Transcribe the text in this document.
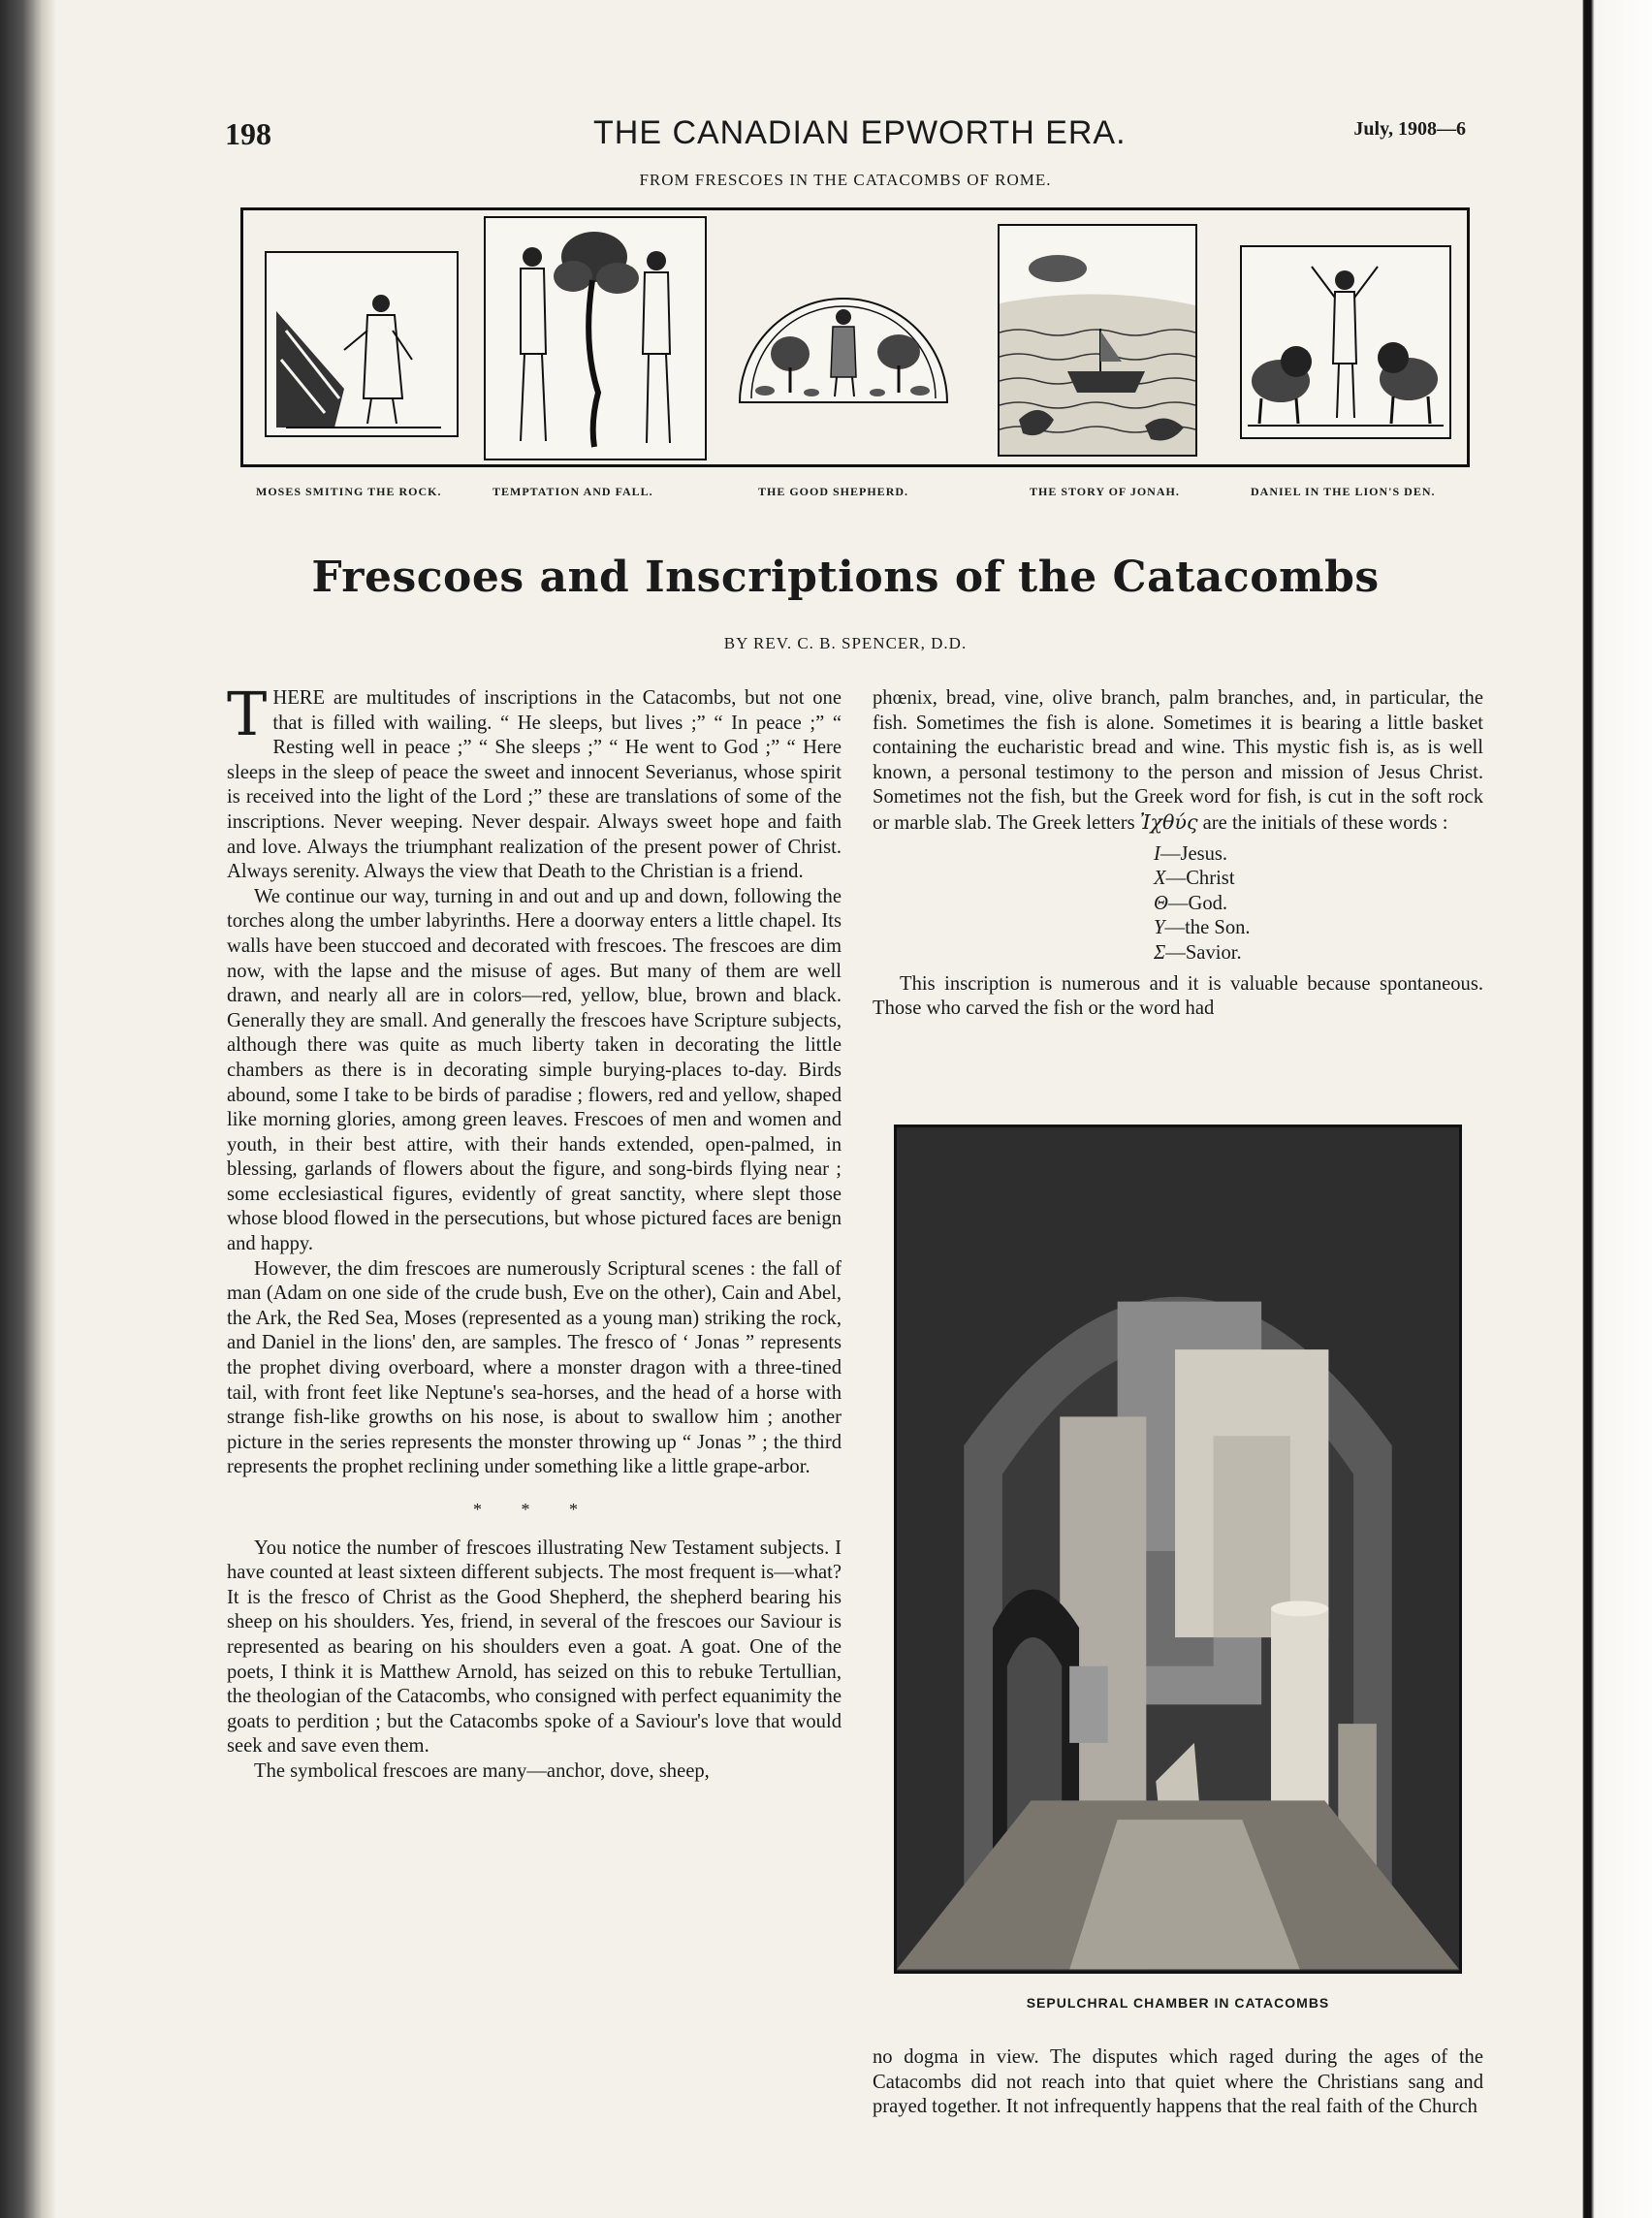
198	THE CANADIAN EPWORTH ERA.	July, 1908—6
FROM FRESCOES IN THE CATACOMBS OF ROME.
MOSES SMITING THE ROCK.	TEMPTATION AND FALL.	THE GOOD SHEPHERD.	THE STORY OF JONAH.	DANIEL IN THE LION'S DEN.
Frescoes and Inscriptions of the Catacombs
BY REV. C. B. SPENCER, D.D.

THERE are multitudes of inscriptions in the Catacombs, but not one that is filled with wailing. “ He sleeps, but lives ;” “ In peace ;” “ Resting well in peace ;” “ She sleeps ;” “ He went to God ;” “ Here sleeps in the sleep of peace the sweet and innocent Severianus, whose spirit is received into the light of the Lord ;” these are translations of some of the inscriptions. Never weeping. Never despair. Always sweet hope and faith and love. Always the triumphant realization of the present power of Christ. Always serenity. Always the view that Death to the Christian is a friend.

We continue our way, turning in and out and up and down, following the torches along the umber labyrinths. Here a doorway enters a little chapel. Its walls have been stuccoed and decorated with frescoes. The frescoes are dim now, with the lapse and the misuse of ages. But many of them are well drawn, and nearly all are in colors—red, yellow, blue, brown and black. Generally they are small. And generally the frescoes have Scripture subjects, although there was quite as much liberty taken in decorating the little chambers as there is in decorating simple burying-places to-day. Birds abound, some I take to be birds of paradise ; flowers, red and yellow, shaped like morning glories, among green leaves. Frescoes of men and women and youth, in their best attire, with their hands extended, open-palmed, in blessing, garlands of flowers about the figure, and song-birds flying near ; some ecclesiastical figures, evidently of great sanctity, where slept those whose blood flowed in the persecutions, but whose pictured faces are benign and happy.

However, the dim frescoes are numerously Scriptural scenes : the fall of man (Adam on one side of the crude bush, Eve on the other), Cain and Abel, the Ark, the Red Sea, Moses (represented as a young man) striking the rock, and Daniel in the lions' den, are samples. The fresco of ‘ Jonas ” represents the prophet diving overboard, where a monster dragon with a three-tined tail, with front feet like Neptune's sea-horses, and the head of a horse with strange fish-like growths on his nose, is about to swallow him ; another picture in the series represents the monster throwing up “ Jonas ” ; the third represents the prophet reclining under something like a little grape-arbor.

* * *

You notice the number of frescoes illustrating New Testament subjects. I have counted at least sixteen different subjects. The most frequent is—what? It is the fresco of Christ as the Good Shepherd, the shepherd bearing his sheep on his shoulders. Yes, friend, in several of the frescoes our Saviour is represented as bearing on his shoulders even a goat. A goat. One of the poets, I think it is Matthew Arnold, has seized on this to rebuke Tertullian, the theologian of the Catacombs, who consigned with perfect equanimity the goats to perdition ; but the Catacombs spoke of a Saviour's love that would seek and save even them.

The symbolical frescoes are many—anchor, dove, sheep,

phœnix, bread, vine, olive branch, palm branches, and, in particular, the fish. Sometimes the fish is alone. Sometimes it is bearing a little basket containing the eucharistic bread and wine. This mystic fish is, as is well known, a personal testimony to the person and mission of Jesus Christ. Sometimes not the fish, but the Greek word for fish, is cut in the soft rock or marble slab. The Greek letters Ἰχθύς are the initials of these words :

I—Jesus.
X—Christ
Θ—God.
Y—the Son.
Σ—Savior.

This inscription is numerous and it is valuable because spontaneous. Those who carved the fish or the word had

SEPULCHRAL CHAMBER IN CATACOMBS

no dogma in view. The disputes which raged during the ages of the Catacombs did not reach into that quiet where the Christians sang and prayed together. It not infrequently happens that the real faith of the Church
